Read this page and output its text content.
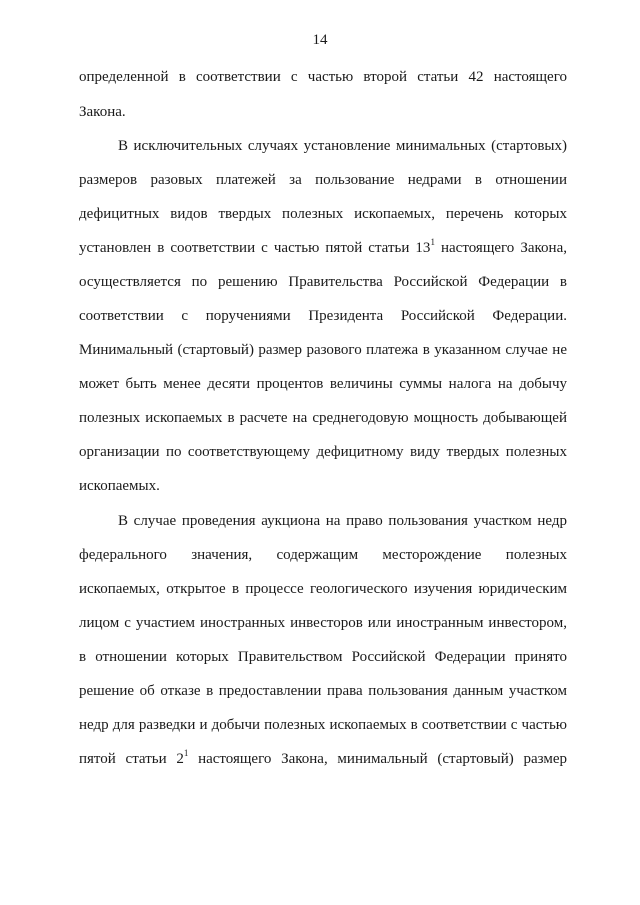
14
определенной в соответствии с частью второй статьи 42 настоящего
Закона.
В исключительных случаях установление минимальных (стартовых)
размеров разовых платежей за пользование недрами в отношении
дефицитных видов твердых полезных ископаемых, перечень которых
установлен в соответствии с частью пятой статьи $13^1$ настоящего Закона,
осуществляется по решению Правительства Российской Федерации в
соответствии с поручениями Президента Российской Федерации.
Минимальный (стартовый) размер разового платежа в указанном случае не
может быть менее десяти процентов величины суммы налога на добычу
полезных ископаемых в расчете на среднегодовую мощность добывающей
организации по соответствующему дефицитному виду твердых полезных
ископаемых.
В случае проведения аукциона на право пользования участком недр
федерального значения, содержащим месторождение полезных
ископаемых, открытое в процессе геологического изучения юридическим
лицом с участием иностранных инвесторов или иностранным инвестором,
в отношении которых Правительством Российской Федерации принято
решение об отказе в предоставлении права пользования данным участком
недр для разведки и добычи полезных ископаемых в соответствии с частью
пятой статьи $2^1$ настоящего Закона, минимальный (стартовый) размер
